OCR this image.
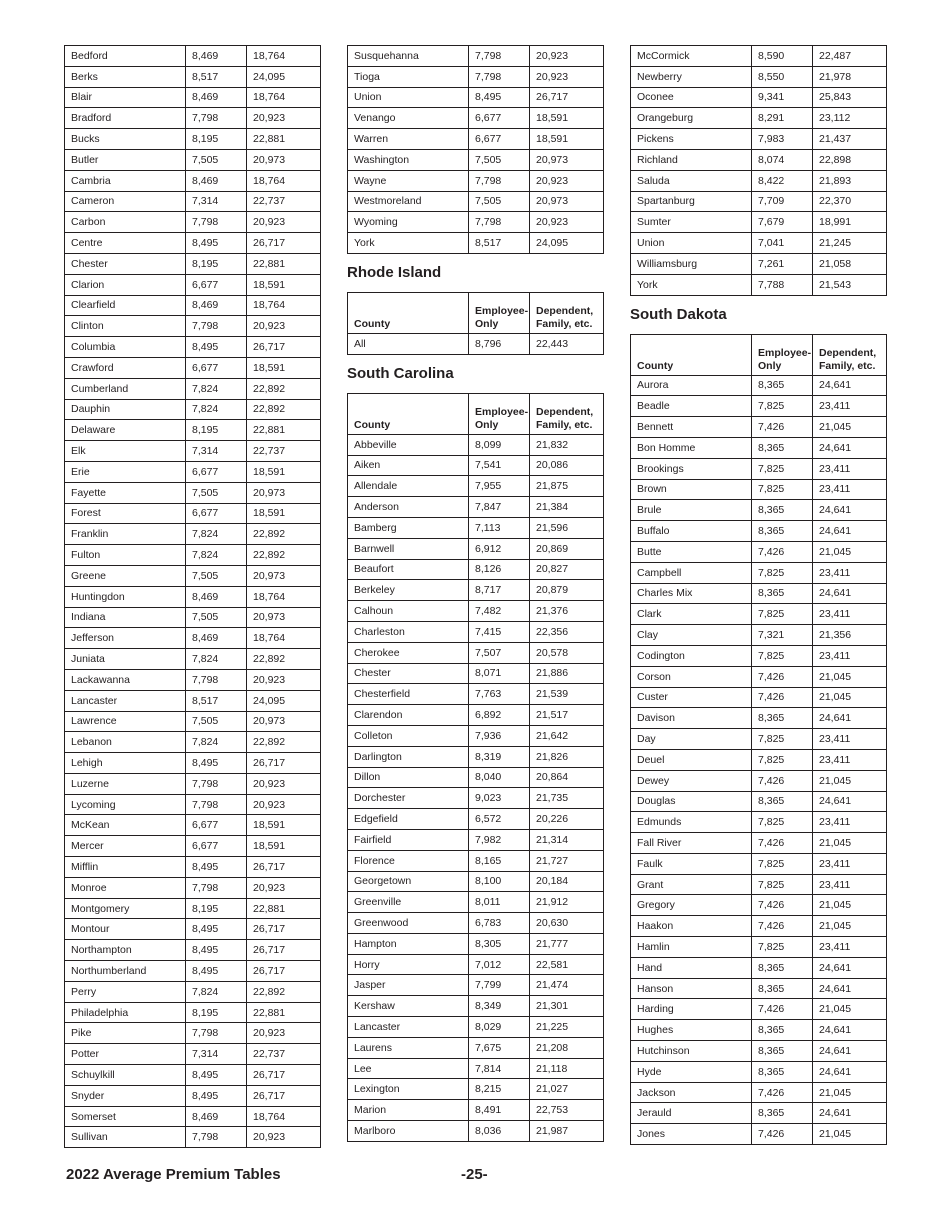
Bedford	8,469	18,764
Berks	8,517	24,095
Blair	8,469	18,764
Bradford	7,798	20,923
Bucks	8,195	22,881
Butler	7,505	20,973
Cambria	8,469	18,764
Cameron	7,314	22,737
Carbon	7,798	20,923
Centre	8,495	26,717
Chester	8,195	22,881
Clarion	6,677	18,591
Clearfield	8,469	18,764
Clinton	7,798	20,923
Columbia	8,495	26,717
Crawford	6,677	18,591
Cumberland	7,824	22,892
Dauphin	7,824	22,892
Delaware	8,195	22,881
Elk	7,314	22,737
Erie	6,677	18,591
Fayette	7,505	20,973
Forest	6,677	18,591
Franklin	7,824	22,892
Fulton	7,824	22,892
Greene	7,505	20,973
Huntingdon	8,469	18,764
Indiana	7,505	20,973
Jefferson	8,469	18,764
Juniata	7,824	22,892
Lackawanna	7,798	20,923
Lancaster	8,517	24,095
Lawrence	7,505	20,973
Lebanon	7,824	22,892
Lehigh	8,495	26,717
Luzerne	7,798	20,923
Lycoming	7,798	20,923
McKean	6,677	18,591
Mercer	6,677	18,591
Mifflin	8,495	26,717
Monroe	7,798	20,923
Montgomery	8,195	22,881
Montour	8,495	26,717
Northampton	8,495	26,717
Northumberland	8,495	26,717
Perry	7,824	22,892
Philadelphia	8,195	22,881
Pike	7,798	20,923
Potter	7,314	22,737
Schuylkill	8,495	26,717
Snyder	8,495	26,717
Somerset	8,469	18,764
Sullivan	7,798	20,923
Susquehanna	7,798	20,923
Tioga	7,798	20,923
Union	8,495	26,717
Venango	6,677	18,591
Warren	6,677	18,591
Washington	7,505	20,973
Wayne	7,798	20,923
Westmoreland	7,505	20,973
Wyoming	7,798	20,923
York	8,517	24,095
Rhode Island
County	Employee-Only	Dependent, Family, etc.
All	8,796	22,443
South Carolina
County	Employee-Only	Dependent, Family, etc.
Abbeville	8,099	21,832
Aiken	7,541	20,086
Allendale	7,955	21,875
Anderson	7,847	21,384
Bamberg	7,113	21,596
Barnwell	6,912	20,869
Beaufort	8,126	20,827
Berkeley	8,717	20,879
Calhoun	7,482	21,376
Charleston	7,415	22,356
Cherokee	7,507	20,578
Chester	8,071	21,886
Chesterfield	7,763	21,539
Clarendon	6,892	21,517
Colleton	7,936	21,642
Darlington	8,319	21,826
Dillon	8,040	20,864
Dorchester	9,023	21,735
Edgefield	6,572	20,226
Fairfield	7,982	21,314
Florence	8,165	21,727
Georgetown	8,100	20,184
Greenville	8,011	21,912
Greenwood	6,783	20,630
Hampton	8,305	21,777
Horry	7,012	22,581
Jasper	7,799	21,474
Kershaw	8,349	21,301
Lancaster	8,029	21,225
Laurens	7,675	21,208
Lee	7,814	21,118
Lexington	8,215	21,027
Marion	8,491	22,753
Marlboro	8,036	21,987
McCormick	8,590	22,487
Newberry	8,550	21,978
Oconee	9,341	25,843
Orangeburg	8,291	23,112
Pickens	7,983	21,437
Richland	8,074	22,898
Saluda	8,422	21,893
Spartanburg	7,709	22,370
Sumter	7,679	18,991
Union	7,041	21,245
Williamsburg	7,261	21,058
York	7,788	21,543
South Dakota
County	Employee-Only	Dependent, Family, etc.
Aurora	8,365	24,641
Beadle	7,825	23,411
Bennett	7,426	21,045
Bon Homme	8,365	24,641
Brookings	7,825	23,411
Brown	7,825	23,411
Brule	8,365	24,641
Buffalo	8,365	24,641
Butte	7,426	21,045
Campbell	7,825	23,411
Charles Mix	8,365	24,641
Clark	7,825	23,411
Clay	7,321	21,356
Codington	7,825	23,411
Corson	7,426	21,045
Custer	7,426	21,045
Davison	8,365	24,641
Day	7,825	23,411
Deuel	7,825	23,411
Dewey	7,426	21,045
Douglas	8,365	24,641
Edmunds	7,825	23,411
Fall River	7,426	21,045
Faulk	7,825	23,411
Grant	7,825	23,411
Gregory	7,426	21,045
Haakon	7,426	21,045
Hamlin	7,825	23,411
Hand	8,365	24,641
Hanson	8,365	24,641
Harding	7,426	21,045
Hughes	8,365	24,641
Hutchinson	8,365	24,641
Hyde	8,365	24,641
Jackson	7,426	21,045
Jerauld	8,365	24,641
Jones	7,426	21,045
2022 Average Premium Tables	-25-
